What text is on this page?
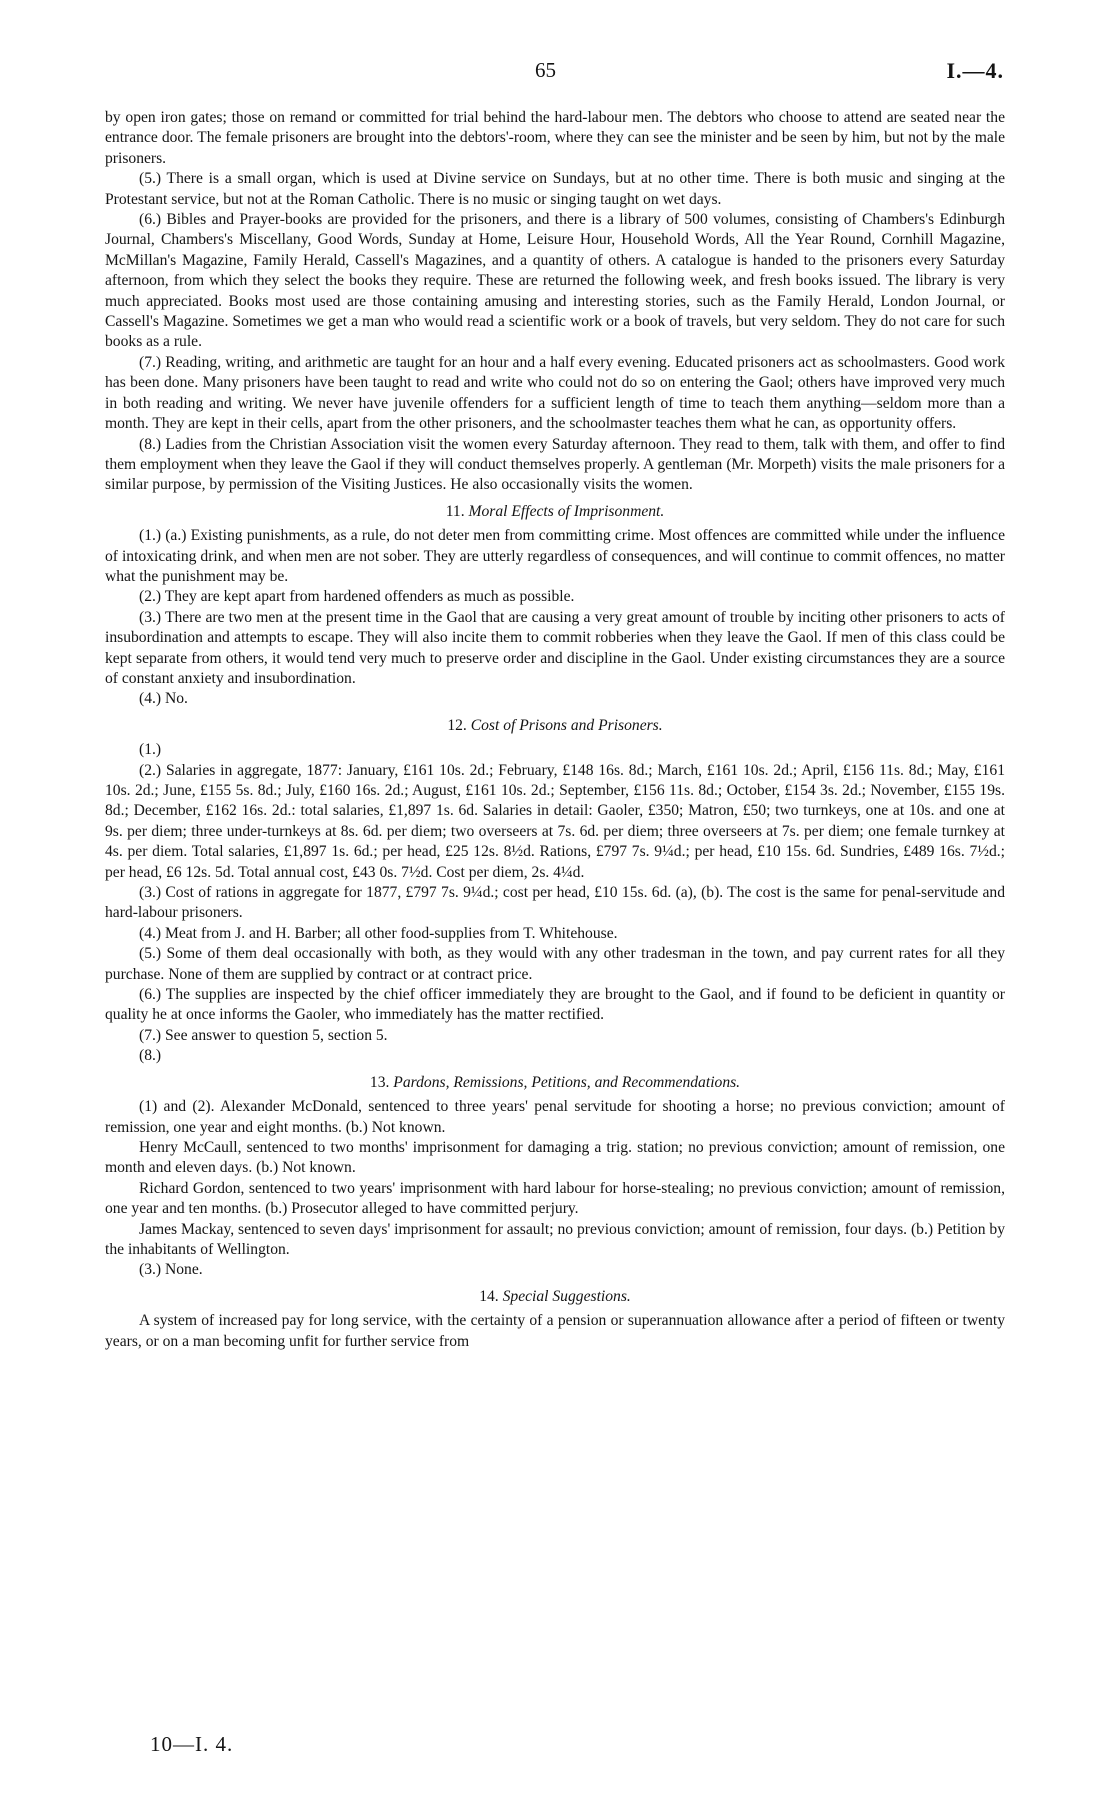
65	I.—4.

by open iron gates; those on remand or committed for trial behind the hard-labour men. The debtors who choose to attend are seated near the entrance door. The female prisoners are brought into the debtors'-room, where they can see the minister and be seen by him, but not by the male prisoners.

(5.) There is a small organ, which is used at Divine service on Sundays, but at no other time. There is both music and singing at the Protestant service, but not at the Roman Catholic. There is no music or singing taught on wet days.

(6.) Bibles and Prayer-books are provided for the prisoners, and there is a library of 500 volumes, consisting of Chambers's Edinburgh Journal, Chambers's Miscellany, Good Words, Sunday at Home, Leisure Hour, Household Words, All the Year Round, Cornhill Magazine, McMillan's Magazine, Family Herald, Cassell's Magazines, and a quantity of others. A catalogue is handed to the prisoners every Saturday afternoon, from which they select the books they require. These are returned the following week, and fresh books issued. The library is very much appreciated. Books most used are those containing amusing and interesting stories, such as the Family Herald, London Journal, or Cassell's Magazine. Sometimes we get a man who would read a scientific work or a book of travels, but very seldom. They do not care for such books as a rule.

(7.) Reading, writing, and arithmetic are taught for an hour and a half every evening. Educated prisoners act as schoolmasters. Good work has been done. Many prisoners have been taught to read and write who could not do so on entering the Gaol; others have improved very much in both reading and writing. We never have juvenile offenders for a sufficient length of time to teach them anything—seldom more than a month. They are kept in their cells, apart from the other prisoners, and the schoolmaster teaches them what he can, as opportunity offers.

(8.) Ladies from the Christian Association visit the women every Saturday afternoon. They read to them, talk with them, and offer to find them employment when they leave the Gaol if they will conduct themselves properly. A gentleman (Mr. Morpeth) visits the male prisoners for a similar purpose, by permission of the Visiting Justices. He also occasionally visits the women.

11. Moral Effects of Imprisonment.

(1.) (a.) Existing punishments, as a rule, do not deter men from committing crime. Most offences are committed while under the influence of intoxicating drink, and when men are not sober. They are utterly regardless of consequences, and will continue to commit offences, no matter what the punishment may be.

(2.) They are kept apart from hardened offenders as much as possible.

(3.) There are two men at the present time in the Gaol that are causing a very great amount of trouble by inciting other prisoners to acts of insubordination and attempts to escape. They will also incite them to commit robberies when they leave the Gaol. If men of this class could be kept separate from others, it would tend very much to preserve order and discipline in the Gaol. Under existing circumstances they are a source of constant anxiety and insubordination.

(4.) No.

12. Cost of Prisons and Prisoners.

(1.)

(2.) Salaries in aggregate, 1877: January, £161 10s. 2d.; February, £148 16s. 8d.; March, £161 10s. 2d.; April, £156 11s. 8d.; May, £161 10s. 2d.; June, £155 5s. 8d.; July, £160 16s. 2d.; August, £161 10s. 2d.; September, £156 11s. 8d.; October, £154 3s. 2d.; November, £155 19s. 8d.; December, £162 16s. 2d.: total salaries, £1,897 1s. 6d. Salaries in detail: Gaoler, £350; Matron, £50; two turnkeys, one at 10s. and one at 9s. per diem; three under-turnkeys at 8s. 6d. per diem; two overseers at 7s. 6d. per diem; three overseers at 7s. per diem; one female turnkey at 4s. per diem. Total salaries, £1,897 1s. 6d.; per head, £25 12s. 8½d. Rations, £797 7s. 9¼d.; per head, £10 15s. 6d. Sundries, £489 16s. 7½d.; per head, £6 12s. 5d. Total annual cost, £43 0s. 7½d. Cost per diem, 2s. 4¼d.

(3.) Cost of rations in aggregate for 1877, £797 7s. 9¼d.; cost per head, £10 15s. 6d. (a), (b). The cost is the same for penal-servitude and hard-labour prisoners.

(4.) Meat from J. and H. Barber; all other food-supplies from T. Whitehouse.

(5.) Some of them deal occasionally with both, as they would with any other tradesman in the town, and pay current rates for all they purchase. None of them are supplied by contract or at contract price.

(6.) The supplies are inspected by the chief officer immediately they are brought to the Gaol, and if found to be deficient in quantity or quality he at once informs the Gaoler, who immediately has the matter rectified.

(7.) See answer to question 5, section 5.

(8.)

13. Pardons, Remissions, Petitions, and Recommendations.

(1) and (2). Alexander McDonald, sentenced to three years' penal servitude for shooting a horse; no previous conviction; amount of remission, one year and eight months. (b.) Not known.

Henry McCaull, sentenced to two months' imprisonment for damaging a trig. station; no previous conviction; amount of remission, one month and eleven days. (b.) Not known.

Richard Gordon, sentenced to two years' imprisonment with hard labour for horse-stealing; no previous conviction; amount of remission, one year and ten months. (b.) Prosecutor alleged to have committed perjury.

James Mackay, sentenced to seven days' imprisonment for assault; no previous conviction; amount of remission, four days. (b.) Petition by the inhabitants of Wellington.

(3.) None.

14. Special Suggestions.

A system of increased pay for long service, with the certainty of a pension or superannuation allowance after a period of fifteen or twenty years, or on a man becoming unfit for further service from

10—I. 4.
